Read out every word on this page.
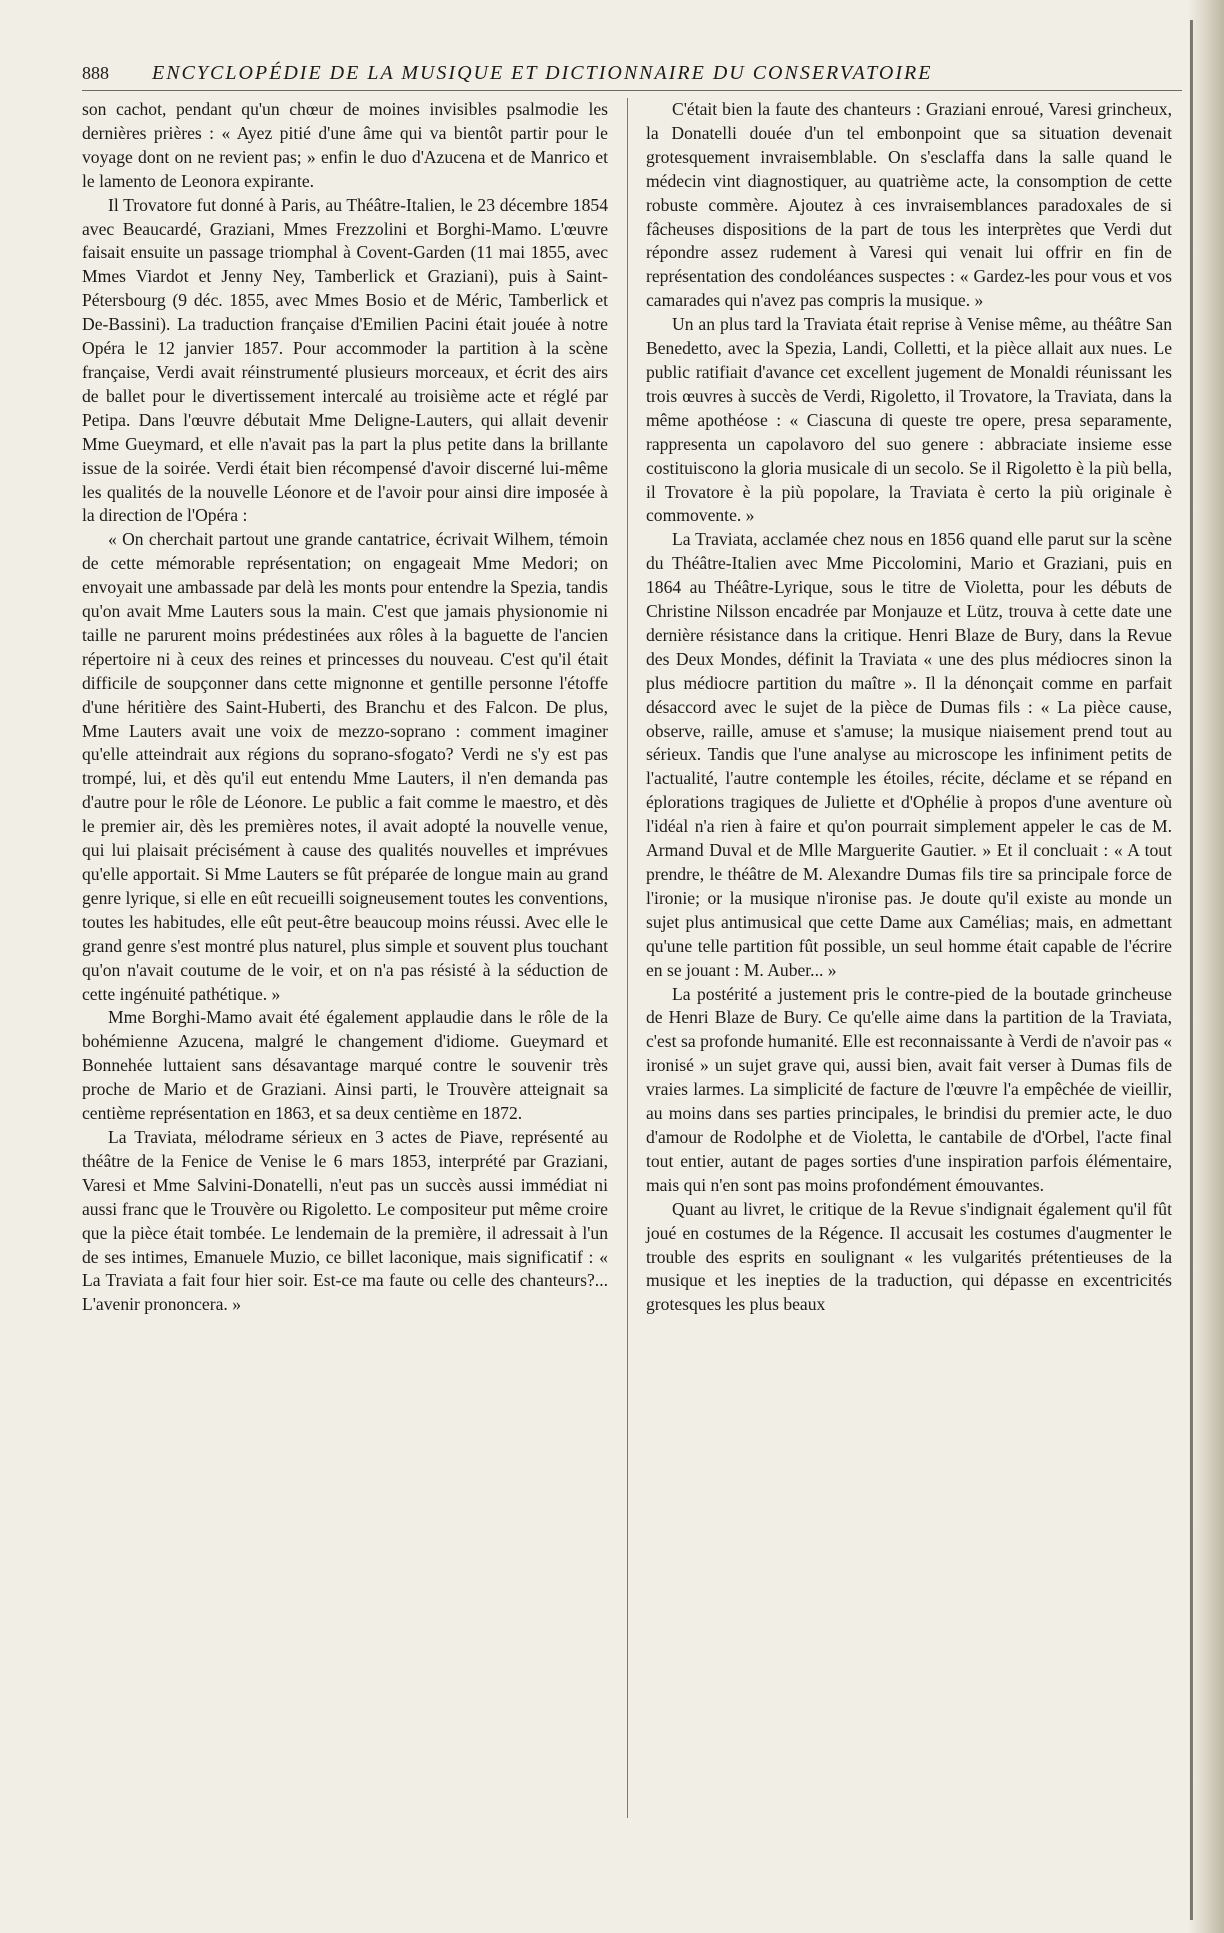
888	ENCYCLOPÉDIE DE LA MUSIQUE ET DICTIONNAIRE DU CONSERVATOIRE

son cachot, pendant qu'un chœur de moines invisibles psalmodie les dernières prières : « Ayez pitié d'une âme qui va bientôt partir pour le voyage dont on ne revient pas; » enfin le duo d'Azucena et de Manrico et le lamento de Leonora expirante.

Il Trovatore fut donné à Paris, au Théâtre-Italien, le 23 décembre 1854 avec Beaucardé, Graziani, Mmes Frezzolini et Borghi-Mamo. L'œuvre faisait ensuite un passage triomphal à Covent-Garden (11 mai 1855, avec Mmes Viardot et Jenny Ney, Tamberlick et Graziani), puis à Saint-Pétersbourg (9 déc. 1855, avec Mmes Bosio et de Méric, Tamberlick et De-Bassini). La traduction française d'Emilien Pacini était jouée à notre Opéra le 12 janvier 1857. Pour accommoder la partition à la scène française, Verdi avait réinstrumenté plusieurs morceaux, et écrit des airs de ballet pour le divertissement intercalé au troisième acte et réglé par Petipa. Dans l'œuvre débutait Mme Deligne-Lauters, qui allait devenir Mme Gueymard, et elle n'avait pas la part la plus petite dans la brillante issue de la soirée. Verdi était bien récompensé d'avoir discerné lui-même les qualités de la nouvelle Léonore et de l'avoir pour ainsi dire imposée à la direction de l'Opéra :

« On cherchait partout une grande cantatrice, écrivait Wilhem, témoin de cette mémorable représentation; on engageait Mme Medori; on envoyait une ambassade par delà les monts pour entendre la Spezia, tandis qu'on avait Mme Lauters sous la main. C'est que jamais physionomie ni taille ne parurent moins prédestinées aux rôles à la baguette de l'ancien répertoire ni à ceux des reines et princesses du nouveau. C'est qu'il était difficile de soupçonner dans cette mignonne et gentille personne l'étoffe d'une héritière des Saint-Huberti, des Branchu et des Falcon. De plus, Mme Lauters avait une voix de mezzo-soprano : comment imaginer qu'elle atteindrait aux régions du soprano-sfogato? Verdi ne s'y est pas trompé, lui, et dès qu'il eut entendu Mme Lauters, il n'en demanda pas d'autre pour le rôle de Léonore. Le public a fait comme le maestro, et dès le premier air, dès les premières notes, il avait adopté la nouvelle venue, qui lui plaisait précisément à cause des qualités nouvelles et imprévues qu'elle apportait. Si Mme Lauters se fût préparée de longue main au grand genre lyrique, si elle en eût recueilli soigneusement toutes les conventions, toutes les habitudes, elle eût peut-être beaucoup moins réussi. Avec elle le grand genre s'est montré plus naturel, plus simple et souvent plus touchant qu'on n'avait coutume de le voir, et on n'a pas résisté à la séduction de cette ingénuité pathétique. »

Mme Borghi-Mamo avait été également applaudie dans le rôle de la bohémienne Azucena, malgré le changement d'idiome. Gueymard et Bonnehée luttaient sans désavantage marqué contre le souvenir très proche de Mario et de Graziani. Ainsi parti, le Trouvère atteignait sa centième représentation en 1863, et sa deux centième en 1872.

La Traviata, mélodrame sérieux en 3 actes de Piave, représenté au théâtre de la Fenice de Venise le 6 mars 1853, interprété par Graziani, Varesi et Mme Salvini-Donatelli, n'eut pas un succès aussi immédiat ni aussi franc que le Trouvère ou Rigoletto. Le compositeur put même croire que la pièce était tombée. Le lendemain de la première, il adressait à l'un de ses intimes, Emanuele Muzio, ce billet laconique, mais significatif : « La Traviata a fait four hier soir. Est-ce ma faute ou celle des chanteurs?... L'avenir prononcera. »

C'était bien la faute des chanteurs : Graziani enroué, Varesi grincheux, la Donatelli douée d'un tel embonpoint que sa situation devenait grotesquement invraisemblable. On s'esclaffa dans la salle quand le médecin vint diagnostiquer, au quatrième acte, la consomption de cette robuste commère. Ajoutez à ces invraisemblances paradoxales de si fâcheuses dispositions de la part de tous les interprètes que Verdi dut répondre assez rudement à Varesi qui venait lui offrir en fin de représentation des condoléances suspectes : « Gardez-les pour vous et vos camarades qui n'avez pas compris la musique. »

Un an plus tard la Traviata était reprise à Venise même, au théâtre San Benedetto, avec la Spezia, Landi, Colletti, et la pièce allait aux nues. Le public ratifiait d'avance cet excellent jugement de Monaldi réunissant les trois œuvres à succès de Verdi, Rigoletto, il Trovatore, la Traviata, dans la même apothéose : « Ciascuna di queste tre opere, presa separamente, rappresenta un capolavoro del suo genere : abbraciate insieme esse costituiscono la gloria musicale di un secolo. Se il Rigoletto è la più bella, il Trovatore è la più popolare, la Traviata è certo la più originale è commovente. »

La Traviata, acclamée chez nous en 1856 quand elle parut sur la scène du Théâtre-Italien avec Mme Piccolomini, Mario et Graziani, puis en 1864 au Théâtre-Lyrique, sous le titre de Violetta, pour les débuts de Christine Nilsson encadrée par Monjauze et Lütz, trouva à cette date une dernière résistance dans la critique. Henri Blaze de Bury, dans la Revue des Deux Mondes, définit la Traviata « une des plus médiocres sinon la plus médiocre partition du maître ». Il la dénonçait comme en parfait désaccord avec le sujet de la pièce de Dumas fils : « La pièce cause, observe, raille, amuse et s'amuse; la musique niaisement prend tout au sérieux. Tandis que l'une analyse au microscope les infiniment petits de l'actualité, l'autre contemple les étoiles, récite, déclame et se répand en éplorations tragiques de Juliette et d'Ophélie à propos d'une aventure où l'idéal n'a rien à faire et qu'on pourrait simplement appeler le cas de M. Armand Duval et de Mlle Marguerite Gautier. » Et il concluait : « A tout prendre, le théâtre de M. Alexandre Dumas fils tire sa principale force de l'ironie; or la musique n'ironise pas. Je doute qu'il existe au monde un sujet plus antimusical que cette Dame aux Camélias; mais, en admettant qu'une telle partition fût possible, un seul homme était capable de l'écrire en se jouant : M. Auber... »

La postérité a justement pris le contre-pied de la boutade grincheuse de Henri Blaze de Bury. Ce qu'elle aime dans la partition de la Traviata, c'est sa profonde humanité. Elle est reconnaissante à Verdi de n'avoir pas « ironisé » un sujet grave qui, aussi bien, avait fait verser à Dumas fils de vraies larmes. La simplicité de facture de l'œuvre l'a empêchée de vieillir, au moins dans ses parties principales, le brindisi du premier acte, le duo d'amour de Rodolphe et de Violetta, le cantabile de d'Orbel, l'acte final tout entier, autant de pages sorties d'une inspiration parfois élémentaire, mais qui n'en sont pas moins profondément émouvantes.

Quant au livret, le critique de la Revue s'indignait également qu'il fût joué en costumes de la Régence. Il accusait les costumes d'augmenter le trouble des esprits en soulignant « les vulgarités prétentieuses de la musique et les inepties de la traduction, qui dépasse en excentricités grotesques les plus beaux
